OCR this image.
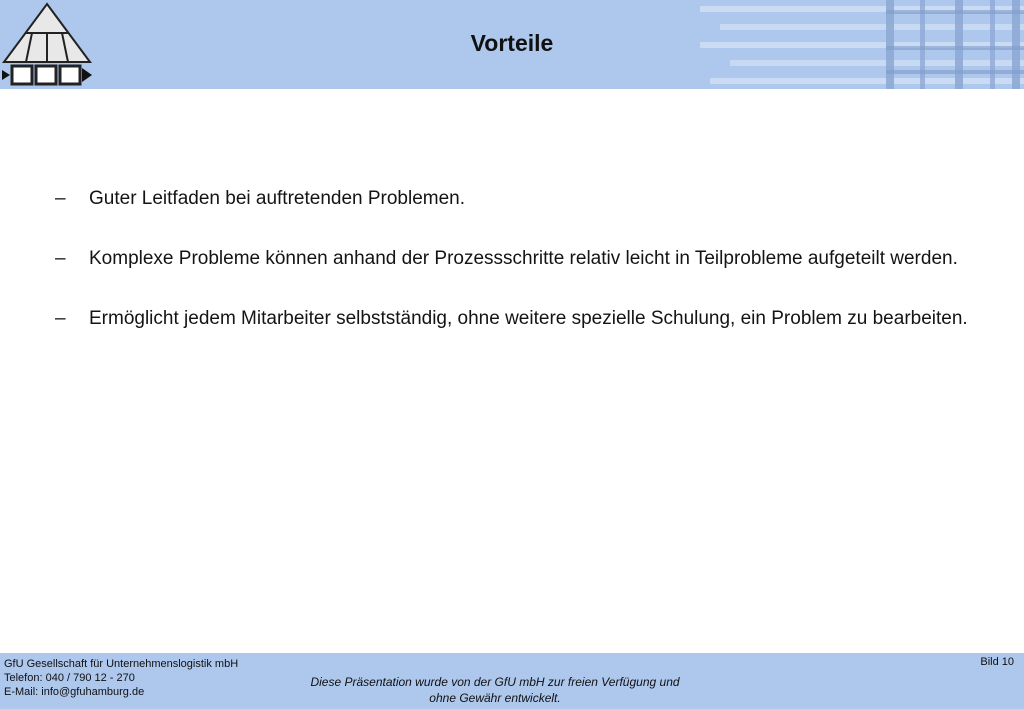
Vorteile
–	Guter Leitfaden bei auftretenden Problemen.
–	Komplexe Probleme können anhand der Prozessschritte relativ leicht in Teilprobleme aufgeteilt werden.
–	Ermöglicht jedem Mitarbeiter selbstständig, ohne weitere spezielle Schulung, ein Problem zu bearbeiten.
GfU Gesellschaft für Unternehmenslogistik mbH
Telefon: 040 / 790 12 - 270
E-Mail: info@gfuhamburg.de
Diese Präsentation wurde von der GfU mbH zur freien Verfügung und
ohne Gewähr entwickelt.
Bild 10
